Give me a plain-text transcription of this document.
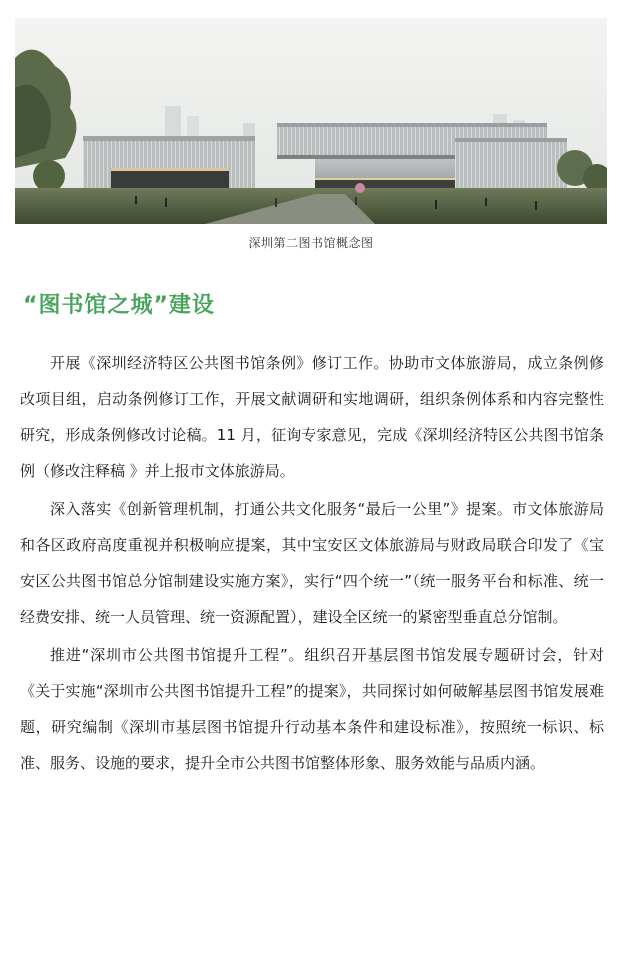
深圳第二图书馆概念图
“图书馆之城”建设

开展《深圳经济特区公共图书馆条例》修订工作。协助市文体旅游局，成立条例修改项目组，启动条例修订工作，开展文献调研和实地调研，组织条例体系和内容完整性研究，形成条例修改讨论稿。11 月，征询专家意见，完成《深圳经济特区公共图书馆条例（修改注释稿 》并上报市文体旅游局。

深入落实《创新管理机制，打通公共文化服务“最后一公里”》提案。市文体旅游局和各区政府高度重视并积极响应提案，其中宝安区文体旅游局与财政局联合印发了《宝安区公共图书馆总分馆制建设实施方案》，实行“四个统一”（统一服务平台和标准、统一经费安排、统一人员管理、统一资源配置），建设全区统一的紧密型垂直总分馆制。

推进“深圳市公共图书馆提升工程”。组织召开基层图书馆发展专题研讨会，针对《关于实施“深圳市公共图书馆提升工程”的提案》，共同探讨如何破解基层图书馆发展难题，研究编制《深圳市基层图书馆提升行动基本条件和建设标准》，按照统一标识、标准、服务、设施的要求，提升全市公共图书馆整体形象、服务效能与品质内涵。
